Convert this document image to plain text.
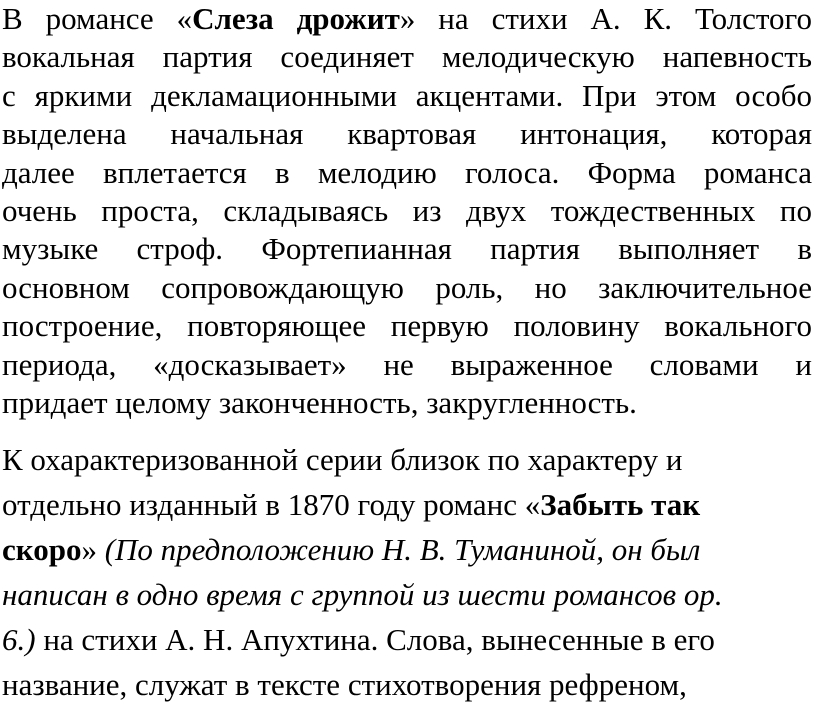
В романсе «Слеза дрожит» на стихи А. К. Толстого
вокальная партия соединяет мелодическую напевность
с яркими декламационными акцентами. При этом особо
выделена начальная квартовая интонация, которая
далее вплетается в мелодию голоса. Форма романса
очень проста, складываясь из двух тождественных по
музыке строф. Фортепианная партия выполняет в
основном сопровождающую роль, но заключительное
построение, повторяющее первую половину вокального
периода, «досказывает» не выраженное словами и
придает целому законченность, закругленность.
К охарактеризованной серии близок по характеру и
отдельно изданный в 1870 году романс «Забыть так
скоро» (По предположению Н. В. Туманиной, он был
написан в одно время с группой из шести романсов ор.
6.) на стихи А. Н. Апухтина. Слова, вынесенные в его
название, служат в тексте стихотворения рефреном,
